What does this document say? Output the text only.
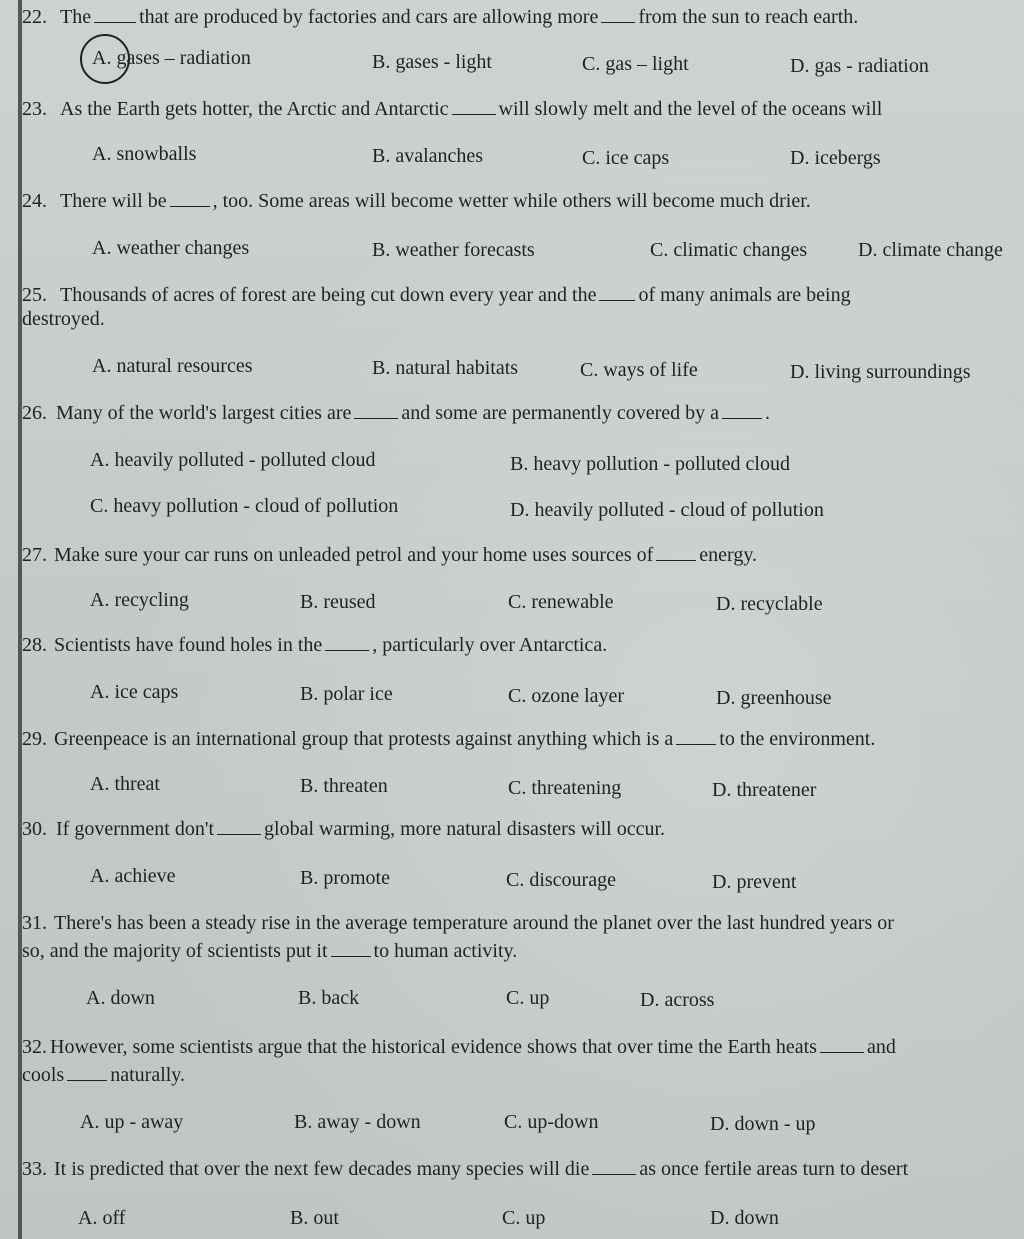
22. The that are produced by factories and cars are allowing more from the sun to reach earth.
A. gases – radiation	B. gases - light	C. gas – light	D. gas - radiation
23. As the Earth gets hotter, the Arctic and Antarctic	will slowly melt and the level of the oceans will
A. snowballs	B. avalanches	C. ice caps	D. icebergs
24. There will be , too. Some areas will become wetter while others will become much drier.
A. weather changes	B. weather forecasts	C. climatic changes	D. climate change
25. Thousands of acres of forest are being cut down every year and the of many animals are being
destroyed.
A. natural resources	B. natural habitats	C. ways of life	D. living surroundings
26. Many of the world's largest cities are	and some are permanently covered by a .
A. heavily polluted - polluted cloud	B. heavy pollution - polluted cloud
C. heavy pollution - cloud of pollution	D. heavily polluted - cloud of pollution
27. Make sure your car runs on unleaded petrol and your home uses sources of energy.
A. recycling	B. reused	C. renewable	D. recyclable
28. Scientists have found holes in the	, particularly over Antarctica.
A. ice caps	B. polar ice	C. ozone layer	D. greenhouse
29. Greenpeace is an international group that protests against anything which is a to the environment.
A. threat	B. threaten	C. threatening	D. threatener
30. If government don't	global warming, more natural disasters will occur.
A. achieve	B. promote	C. discourage	D. prevent
31. There's has been a steady rise in the average temperature around the planet over the last hundred years or
so, and the majority of scientists put it to human activity.
A. down	B. back	C. up	D. across
32. However, some scientists argue that the historical evidence shows that over time the Earth heats	and
cools naturally.
A. up - away	B. away - down	C. up-down	D. down - up
33. It is predicted that over the next few decades many species will die	as once fertile areas turn to desert
A. off	B. out	C. up	D. down
